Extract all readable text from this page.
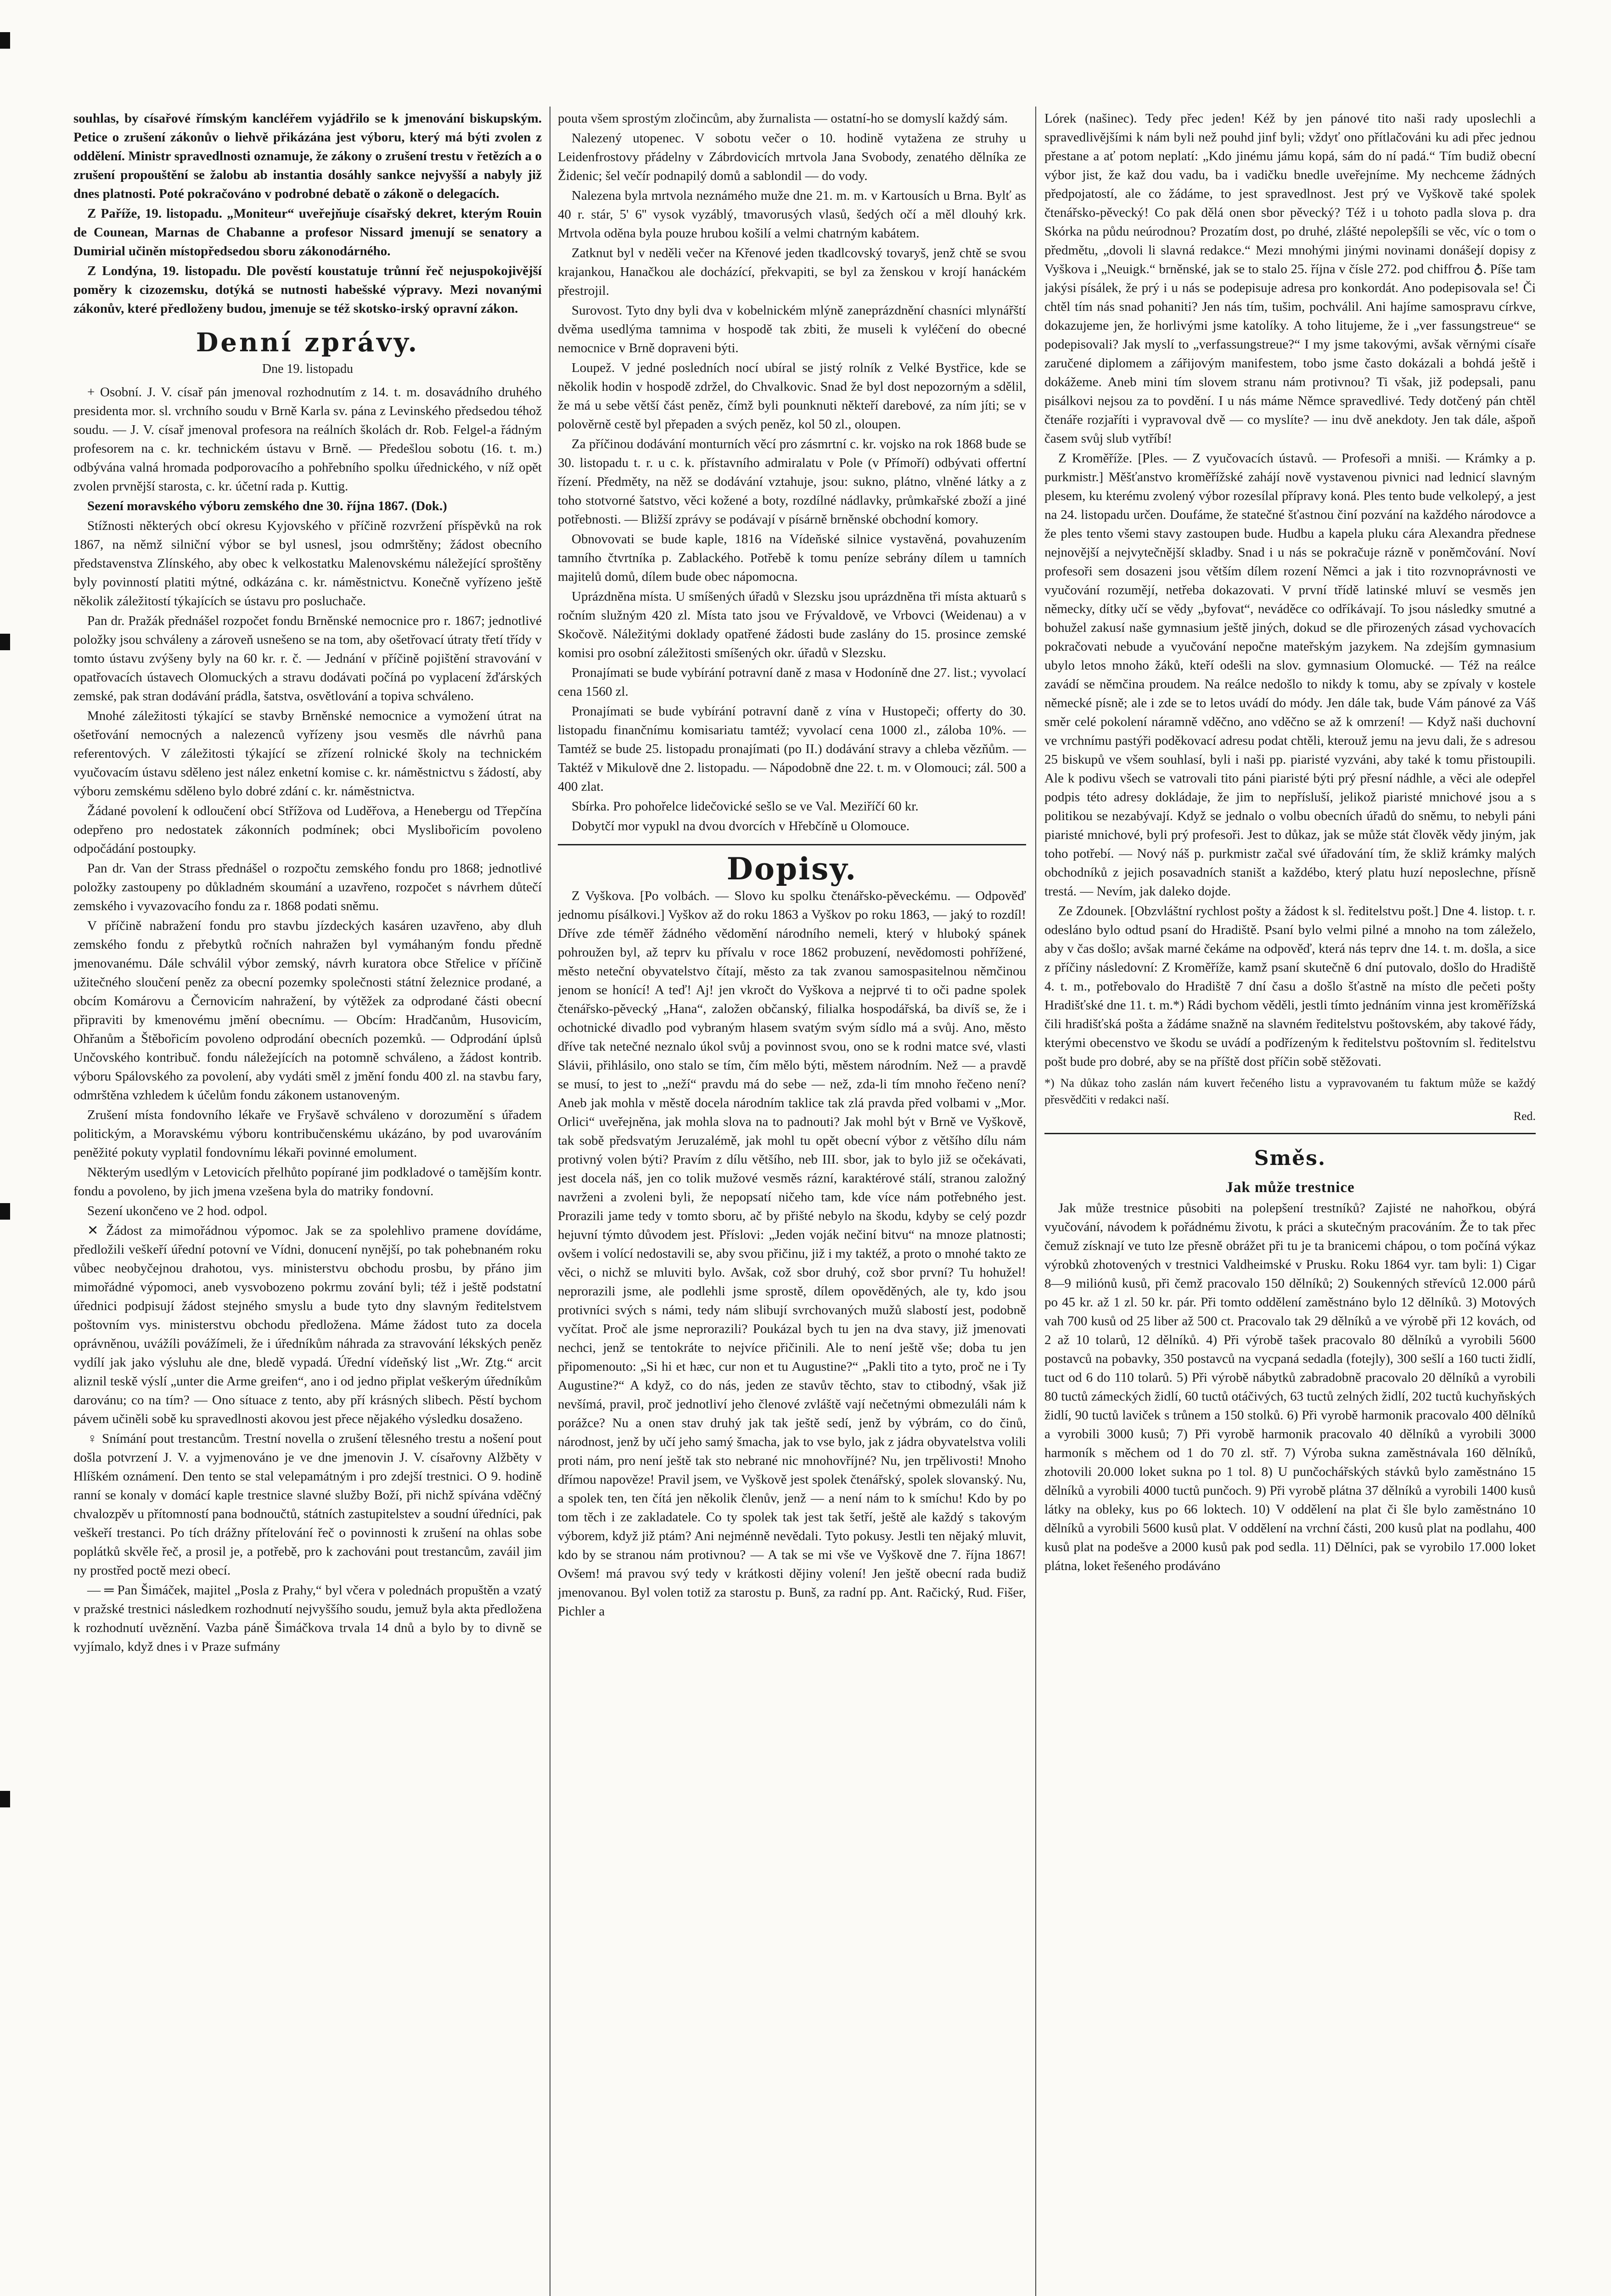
souhlas, by císařové římským kancléřem vyjádřilo se k jmenování biskupským. Petice o zrušení zákonův o liehvě přikázána jest výboru, který má býti zvolen z oddělení. Ministr spravedlnosti oznamuje, že zákony o zrušení trestu v řetězích a o zrušení propouštění se žalobu ab instantia dosáhly sankce nejvyšší a nabyly již dnes platnosti. Poté pokračováno v podrobné debatě o zákoně o delegacích.

Z Paříže, 19. listopadu. „Moniteur“ uveřejňuje císařský dekret, kterým Rouin de Counean, Marnas de Chabanne a profesor Nissard jmenují se senatory a Dumirial učiněn místopředsedou sboru zákonodárného.

Z Londýna, 19. listopadu. Dle pověstí koustatuje trůnní řeč nejuspokojivější poměry k cizozemsku, dotýká se nutnosti habešské výpravy. Mezi novanými zákonův, které předloženy budou, jmenuje se též skotsko-irský opravní zákon.

Denní zprávy.
Dne 19. listopadu

+ Osobní. J. V. císař pán jmenoval rozhodnutím z 14. t. m. dosavádního druhého presidenta mor. sl. vrchního soudu v Brně Karla sv. pána z Levinského předsedou téhož soudu. — J. V. císař jmenoval profesora na reálních školách dr. Rob. Felgel-a řádným profesorem na c. kr. technickém ústavu v Brně. — Předešlou sobotu (16. t. m.) odbývána valná hromada podporovacího a pohřebního spolku úřednického, v níž opět zvolen prvnější starosta, c. kr. účetní rada p. Kuttig.

Sezení moravského výboru zemského dne 30. října 1867. (Dok.)

Stížnosti některých obcí okresu Kyjovského v příčině rozvržení příspěvků na rok 1867, na němž silniční výbor se byl usnesl, jsou odmrštěny; žádost obecního představenstva Zlínského, aby obec k velkostatku Malenovskému náležející sproštěny byly povinností platiti mýtné, odkázána c. kr. náměstnictvu. Konečně vyřízeno ještě několik záležitostí týkajících se ústavu pro posluchače.

Pan dr. Pražák přednášel rozpočet fondu Brněnské nemocnice pro r. 1867; jednotlivé položky jsou schváleny a zároveň usnešeno se na tom, aby ošetřovací útraty třetí třídy v tomto ústavu zvýšeny byly na 60 kr. r. č. — Jednání v příčině pojištění stravování v opatřovacích ústavech Olomuckých a stravu dodávati počíná po vyplacení žďárských zemské, pak stran dodávání prádla, šatstva, osvětlování a topiva schváleno.

Mnohé záležitosti týkající se stavby Brněnské nemocnice a vymožení útrat na ošetřování nemocných a nalezenců vyřízeny jsou vesměs dle návrhů pana referentových. V záležitosti týkající se zřízení rolnické školy na technickém vyučovacím ústavu sděleno jest nález enketní komise c. kr. náměstnictvu s žádostí, aby výboru zemskému sděleno bylo dobré zdání c. kr. náměstnictva.

Žádané povolení k odloučení obcí Střížova od Luděřova, a Henebergu od Třepčína odepřeno pro nedostatek zákonních podmínek; obci Myslibořicím povoleno odpočádání postoupky.

Pan dr. Van der Strass přednášel o rozpočtu zemského fondu pro 1868; jednotlivé položky zastoupeny po důkladném skoumání a uzavřeno, rozpočet s návrhem důtečí zemského i vyvazovacího fondu za r. 1868 podati sněmu.

V příčině nabražení fondu pro stavbu jízdeckých kasáren uzavřeno, aby dluh zemského fondu z přebytků ročních nahražen byl vymáhaným fondu předně jmenovanému. Dále schválil výbor zemský, návrh kuratora obce Střelice v příčině užitečného sloučení peněz za obecní pozemky společnosti státní železnice prodané, a obcím Komárovu a Černovicím nahražení, by výtěžek za odprodané části obecní připraviti by kmenovému jmění obecnímu. — Obcím: Hradčanům, Husovicím, Ohřanům a Štěbořicím povoleno odprodání obecních pozemků. — Odprodání úplsů Unčovského kontribuč. fondu náležejících na potomně schváleno, a žádost kontrib. výboru Spálovského za povolení, aby vydáti směl z jmění fondu 400 zl. na stavbu fary, odmrštěna vzhledem k účelům fondu zákonem ustanoveným.

Zrušení místa fondovního lékaře ve Fryšavě schváleno v dorozumění s úřadem politickým, a Moravskému výboru kontribučenskému ukázáno, by pod uvarováním peněžité pokuty vyplatil fondovnímu lékaři povinné emolument.

Některým usedlým v Letovicích přelhůto popírané jim podkladové o tamějším kontr. fondu a povoleno, by jich jmena vzešena byla do matriky fondovní.

Sezení ukončeno ve 2 hod. odpol.

✕ Žádost za mimořádnou výpomoc. Jak se za spolehlivo pramene dovídáme, předložili veškeří úřední potovní ve Vídni, donucení nynější, po tak pohebnaném roku vůbec neobyčejnou drahotou, vys. ministerstvu obchodu prosbu, by přáno jim mimořádné výpomoci, aneb vysvobozeno pokrmu zování byli; též i ještě podstatní úřednici podpisují žádost stejného smyslu a bude tyto dny slavným ředitelstvem poštovním vys. ministerstvu obchodu předložena. Máme žádost tuto za docela oprávněnou, uvážíli povážímeli, že i úředníkům náhrada za stravování lékských peněz vydílí jak jako výsluhu ale dne, bledě vypadá. Úřední vídeňský list „Wr. Ztg.“ arcit aliznil teskě výslí „unter die Arme greifen“, ano i od jedno připlat veškerým úředníkům darovánu; co na tím? — Ono sítuace z tento, aby pří krásných slibech. Pěstí bychom pávem učiněli sobě ku spravedlnosti akovou jest přece nějakého výsledku dosaženo.

♀ Snímání pout trestancům. Trestní novella o zrušení tělesného trestu a nošení pout došla potvrzení J. V. a vyjmenováno je ve dne jmenovin J. V. císařovny Alžběty v Hlíškém oznámení. Den tento se stal velepamátným i pro zdejší trestnici. O 9. hodině ranní se konaly v domácí kaple trestnice slavné služby Boží, při nichž spívána vděčný chvalozpěv u přítomností pana bodnoučtů, státních zastupitelstev a soudní úředníci, pak veškeří trestanci. Po tích drážny přítelování řeč o povinnosti k zrušení na ohlas sobe poplátků skvěle řeč, a prosil je, a potřebě, pro k zachováni pout trestancům, zaváil jim ny prostřed poctě mezi obecí.

— ═ Pan Šimáček, majitel „Posla z Prahy,“ byl včera v polednách propuštěn a vzatý v pražské trestnici následkem rozhodnutí nejvyššího soudu, jemuž byla akta předložena k rozhodnutí uvěznění. Vazba páně Šimáčkova trvala 14 dnů a bylo by to divně se vyjímalo, když dnes i v Praze sufmány

pouta všem sprostým zločincům, aby žurnalista — ostatní-ho se domyslí každý sám.

Nalezený utopenec. V sobotu večer o 10. hodině vytažena ze struhy u Leidenfrostovy přádelny v Zábrdovicích mrtvola Jana Svobody, zenatého dělníka ze Židenic; šel večír podnapilý domů a sablondil — do vody.

Nalezena byla mrtvola neznámého muže dne 21. m. m. v Kartousích u Brna. Bylť as 40 r. stár, 5' 6'' vysok vyzáblý, tmavorusých vlasů, šedých očí a měl dlouhý krk. Mrtvola oděna byla pouze hrubou košilí a velmi chatrným kabátem.

Zatknut byl v neděli večer na Křenové jeden tkadlcovský tovaryš, jenž chtě se svou krajankou, Hanačkou ale docházící, překvapiti, se byl za ženskou v krojí hanáckém přestrojil.

Surovost. Tyto dny byli dva v kobelnickém mlýně zaneprázdnění chasníci mlynářští dvěma usedlýma tamnima v hospodě tak zbiti, že museli k vyléčení do obecné nemocnice v Brně dopraveni býti.

Loupež. V jedné posledních nocí ubíral se jistý rolník z Velké Bystřice, kde se několik hodin v hospodě zdržel, do Chvalkovic. Snad že byl dost nepozorným a sdělil, že má u sebe větší část peněz, čímž byli pounknuti někteří darebové, za ním jíti; se v polověrně cestě byl přepaden a svých peněz, kol 50 zl., oloupen.

Za příčinou dodávání monturních věcí pro zásmrtní c. kr. vojsko na rok 1868 bude se 30. listopadu t. r. u c. k. přístavního admiralatu v Pole (v Přímoří) odbývati offertní řízení. Předměty, na něž se dodávání vztahuje, jsou: sukno, plátno, vlněné látky a z toho stotvorné šatstvo, věci kožené a boty, rozdílné nádlavky, průmkařské zboží a jiné potřebnosti. — Bližší zprávy se podávají v písárně brněnské obchodní komory.

Obnovovati se bude kaple, 1816 na Vídeňské silnice vystavěná, povahuzením tamního čtvrtníka p. Zablackého. Potřebě k tomu peníze sebrány dílem u tamních majitelů domů, dílem bude obec nápomocna.

Uprázdněna místa. U smíšených úřadů v Slezsku jsou uprázdněna tři místa aktuarů s ročním služným 420 zl. Místa tato jsou ve Frývaldově, ve Vrbovci (Weidenau) a v Skočově. Náležitými doklady opatřené žádosti bude zaslány do 15. prosince zemské komisi pro osobní záležitosti smíšených okr. úřadů v Slezsku.

Pronajímati se bude vybírání potravní daně z masa v Hodoníně dne 27. list.; vyvolací cena 1560 zl.

Pronajímati se bude vybírání potravní daně z vína v Hustopeči; offerty do 30. listopadu finančnímu komisariatu tamtéž; vyvolací cena 1000 zl., záloba 10%. — Tamtéž se bude 25. listopadu pronajímati (po II.) dodávání stravy a chleba vězňům. — Taktéž v Mikulově dne 2. listopadu. — Nápodobně dne 22. t. m. v Olomouci; zál. 500 a 400 zlat.

Sbírka. Pro pohořelce lidečovické sešlo se ve Val. Meziříčí 60 kr.

Dobytčí mor vypukl na dvou dvorcích v Hřebčíně u Olomouce.

Dopisy.

Z Vyškova. [Po volbách. — Slovo ku spolku čtenářsko-pěveckému. — Odpověď jednomu písálkovi.] Vyškov až do roku 1863 a Vyškov po roku 1863, — jaký to rozdíl! Dříve zde téměř žádného vědomění národního nemeli, který v hluboký spánek pohroužen byl, až teprv ku přívalu v roce 1862 probuzení, nevědomosti pohřížené, město neteční obyvatelstvo čítají, město za tak zvanou samospasitelnou němčinou jenom se honící! A teď! Aj! jen vkročt do Vyškova a nejprvé ti to oči padne spolek čtenářsko-pěvecký „Hana“, založen občanský, filialka hospodářská, ba divíš se, že i ochotnické divadlo pod vybraným hlasem svatým svým sídlo má a svůj. Ano, město dříve tak netečné neznalo úkol svůj a povinnost svou, ono se k rodni matce své, vlasti Slávii, přihlásilo, ono stalo se tím, čím mělo býti, městem národním. Než — a pravdě se musí, to jest to „neží“ pravdu má do sebe — než, zda-li tím mnoho řečeno není? Aneb jak mohla v městě docela národním taklice tak zlá pravda před volbami v „Mor. Orlici“ uveřejněna, jak mohla slova na to padnouti? Jak mohl být v Brně ve Vyškově, tak sobě předsvatým Jeruzalémě, jak mohl tu opět obecní výbor z většího dílu nám protivný volen býti? Pravím z dílu většího, neb III. sbor, jak to bylo již se očekávati, jest docela náš, jen co tolik mužové vesměs rázní, karaktérové stálí, stranou založný navrženi a zvoleni byli, že nepopsatí ničeho tam, kde více nám potřebného jest. Prorazili jame tedy v tomto sboru, ač by přišté nebylo na škodu, kdyby se celý pozdr hejuvní týmto důvodem jest. Příslovi: „Jeden voják nečiní bitvu“ na mnoze platnosti; ovšem i volící nedostavili se, aby svou přičinu, již i my taktéž, a proto o mnohé takto ze věci, o nichž se mluviti bylo. Avšak, což sbor druhý, což sbor první? Tu hohužel! neprorazili jsme, ale podlehli jsme sprostě, dílem opověděných, ale ty, kdo jsou protivníci svých s námi, tedy nám slibují svrchovaných mužů slabostí jest, podobně vyčítat. Proč ale jsme neprorazili? Poukázal bych tu jen na dva stavy, již jmenovati nechci, jenž se tentokráte to nejvíce přičinili. Ale to není ještě vše; doba tu jen připomenouto: „Si hi et hæc, cur non et tu Augustine?“ „Pakli tito a tyto, proč ne i Ty Augustine?“ A když, co do nás, jeden ze stavův těchto, stav to ctibodný, však již nevšímá, pravil, proč jednotliví jeho členové zvláště vají nečetnými obmezuláli nám k porážce? Nu a onen stav druhý jak tak ještě sedí, jenž by výbrám, co do činů, národnost, jenž by učí jeho samý šmacha, jak to vse bylo, jak z jádra obyvatelstva volili proti nám, pro není ještě tak sto nebrané nic mnohovříjné? Nu, jen trpělivosti! Mnoho dřímou napověze! Pravil jsem, ve Vyškově jest spolek čtenářský, spolek slovanský. Nu, a spolek ten, ten čítá jen několik členův, jenž — a není nám to k smíchu! Kdo by po tom těch i ze zakladatele. Co ty spolek tak jest tak šetří, ještě ale každý s takovým výborem, když již ptám? Ani nejménně nevědali. Tyto pokusy. Jestli ten nějaký mluvit, kdo by se stranou nám protivnou? — A tak se mi vše ve Vyškově dne 7. října 1867! Ovšem! má pravou svý tedy v krátkosti dějiny volení! Jen ještě obecní rada budiž jmenovanou. Byl volen totiž za starostu p. Bunš, za radní pp. Ant. Račický, Rud. Fišer, Pichler a

Lórek (našinec). Tedy přec jeden! Kéž by jen pánové tito naši rady uposlechli a spravedlivějšími k nám byli než pouhd jinf byli; vždyť ono přítlačováni ku adi přec jednou přestane a ať potom neplatí: „Kdo jinému jámu kopá, sám do ní padá.“ Tím budiž obecní výbor jist, že kaž dou vadu, ba i vadičku bnedle uveřejníme. My nechceme žádných předpojatostí, ale co žádáme, to jest spravedlnost. Jest prý ve Vyškově také spolek čtenářsko-pěvecký! Co pak dělá onen sbor pěvecký? Též i u tohoto padla slova p. dra Skórka na půdu neúrodnou? Prozatím dost, po druhé, zlášté nepolepšíli se věc, víc o tom o předmětu, „dovoli li slavná redakce.“ Mezi mnohými jinými novinami donášejí dopisy z Vyškova i „Neuigk.“ brněnské, jak se to stalo 25. října v čísle 272. pod chiffrou ♁. Píše tam jakýsi písálek, že prý i u nás se podepisuje adresa pro konkordát. Ano podepisovala se! Či chtěl tím nás snad pohaniti? Jen nás tím, tušim, pochválil. Ani hajíme samospravu církve, dokazujeme jen, že horlivými jsme katolíky. A toho litujeme, že i „ver fassungstreue“ se podepisovali? Jak myslí to „verfassungstreue?“ I my jsme takovými, avšak věrnými císaře zaručené diplomem a zářijovým manifestem, tobo jsme často dokázali a bohdá ještě i dokážeme. Aneb mini tím slovem stranu nám protivnou? Ti však, již podepsali, panu pisálkovi nejsou za to povdění. I u nás máme Němce spravedlivé. Tedy dotčený pán chtěl čtenáře rozjaříti i vypravoval dvě — co myslíte? — inu dvě anekdoty. Jen tak dále, ašpoň časem svůj slub vytříbí!

Z Kroměříže. [Ples. — Z vyučovacích ústavů. — Profesoři a mniši. — Krámky a p. purkmistr.] Měšťanstvo kroměřížské zahájí nově vystavenou pivnici nad lednicí slavným plesem, ku kterému zvolený výbor rozesílal přípravy koná. Ples tento bude velkolepý, a jest na 24. listopadu určen. Doufáme, že statečné šťastnou činí pozvání na každého národovce a že ples tento všemi stavy zastoupen bude. Hudbu a kapela pluku cára Alexandra přednese nejnovější a nejvytečnější skladby. Snad i u nás se pokračuje rázně v poněmčování. Noví profesoři sem dosazeni jsou větším dílem rození Němci a jak i tito rozvnoprávnosti ve vyučování rozumějí, netřeba dokazovati. V první třídě latinské mluví se vesměs jen německy, dítky učí se vědy „byfovat“, neváděce co odříkávají. To jsou následky smutné a bohužel zakusí naše gymnasium ještě jiných, dokud se dle přirozených zásad vychovacích pokračovati nebude a vyučování nepočne mateřským jazykem. Na zdejším gymnasium ubylo letos mnoho žáků, kteří odešli na slov. gymnasium Olomucké. — Též na reálce zavádí se němčina proudem. Na reálce nedošlo to nikdy k tomu, aby se zpívaly v kostele německé písně; ale i zde se to letos uvádí do módy. Jen dále tak, bude Vám pánové za Váš směr celé pokolení náramně vděčno, ano vděčno se až k omrzení! — Když naši duchovní ve vrchnímu pastýři poděkovací adresu podat chtěli, kterouž jemu na jevu dali, že s adresou 25 biskupů ve všem souhlasí, byli i naši pp. piaristé vyzváni, aby také k tomu přistoupili. Ale k podivu všech se vatrovali tito páni piaristé býti prý přesní nádhle, a věci ale odepřel podpis této adresy dokládaje, že jim to nepřísluší, jelikož piaristé mnichové jsou a s politikou se nezabývají. Když se jednalo o volbu obecních úřadů do sněmu, to nebyli páni piaristé mnichové, byli prý profesoři. Jest to důkaz, jak se může stát člověk vědy jiným, jak toho potřebí. — Nový náš p. purkmistr začal své úřadování tím, že skliž krámky malých obchodníků z jejich posavadních staništ a každébo, který platu huzí neposlechne, přísně trestá. — Nevím, jak daleko dojde.

Ze Zdounek. [Obzvláštní rychlost pošty a žádost k sl. ředitelstvu pošt.] Dne 4. listop. t. r. odesláno bylo odtud psaní do Hradiště. Psaní bylo velmi pilné a mnoho na tom záleželo, aby v čas došlo; avšak marné čekáme na odpověď, která nás teprv dne 14. t. m. došla, a sice z příčiny následovní: Z Kroměříže, kamž psaní skutečně 6 dní putovalo, došlo do Hradiště 4. t. m., potřebovalo do Hradiště 7 dní času a došlo šťastně na místo dle pečeti pošty Hradišťské dne 11. t. m.*) Rádi bychom věděli, jestli tímto jednáním vinna jest kroměřížská čili hradišťská pošta a žádáme snažně na slavném ředitelstvu poštovském, aby takové řády, kterými obecenstvo ve škodu se uvádí a podřízeným k ředitelstvu poštovním sl. ředitelstvu pošt bude pro dobré, aby se na příště dost příčin sobě stěžovati.

*) Na důkaz toho zaslán nám kuvert řečeného listu a vypravovaném tu faktum může se každý přesvědčiti v redakci naší.
Red.
Směs.
Jak může trestnice

Jak může trestnice působiti na polepšení trestníků? Zajisté ne nahořkou, obýrá vyučování, návodem k pořádnému životu, k práci a skutečným pracováním. Že to tak přec čemuž získnají ve tuto lze přesně obrážet při tu je ta branicemi chápou, o tom počíná výkaz výrobků zhotovených v trestnici Valdheimské v Prusku. Roku 1864 vyr. tam byli: 1) Cigar 8—9 miliónů kusů, při čemž pracovalo 150 dělníků; 2) Soukenných střevíců 12.000 párů po 45 kr. až 1 zl. 50 kr. pár. Při tomto oddělení zaměstnáno bylo 12 dělníků. 3) Motových vah 700 kusů od 25 liber až 500 ct. Pracovalo tak 29 dělníků a ve výrobě při 12 kovách, od 2 až 10 tolarů, 12 dělníků. 4) Při výrobě tašek pracovalo 80 dělníků a vyrobili 5600 postavců na pobavky, 350 postavců na vycpaná sedadla (fotejly), 300 sešlí a 160 tucti židlí, tuct od 6 do 110 tolarů. 5) Při výrobě nábytků zabradobně pracovalo 20 dělníků a vyrobili 80 tuctů zámeckých židlí, 60 tuctů otáčivých, 63 tuctů zelných židlí, 202 tuctů kuchyňských židlí, 90 tuctů laviček s trůnem a 150 stolků. 6) Při vyrobě harmonik pracovalo 400 dělníků a vyrobili 3000 kusů; 7) Při vyrobě harmonik pracovalo 40 dělníků a vyrobili 3000 harmoník s měchem od 1 do 70 zl. stř. 7) Výroba sukna zaměstnávala 160 dělníků, zhotovili 20.000 loket sukna po 1 tol. 8) U punčochářských stávků bylo zaměstnáno 15 dělníků a vyrobili 4000 tuctů punčoch. 9) Při vyrobě plátna 37 dělníků a vyrobili 1400 kusů látky na obleky, kus po 66 loktech. 10) V oddělení na plat či šle bylo zaměstnáno 10 dělníků a vyrobili 5600 kusů plat. V oddělení na vrchní části, 200 kusů plat na podlahu, 400 kusů plat na podešve a 2000 kusů pak pod sedla. 11) Dělníci, pak se vyrobilo 17.000 loket plátna, loket řešeného prodáváno
